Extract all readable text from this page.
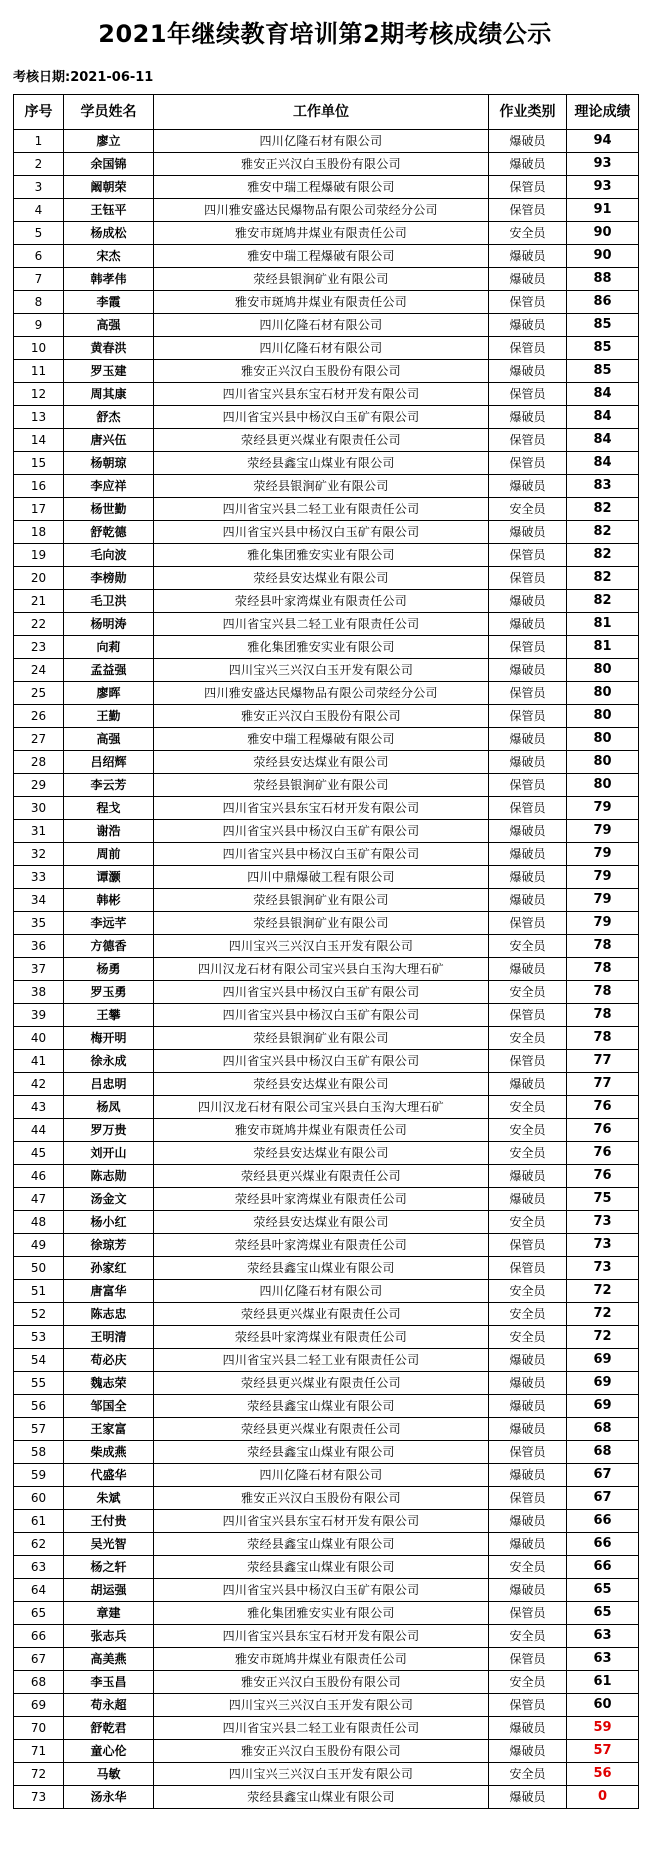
2021年继续教育培训第2期考核成绩公示
考核日期:2021-06-11
序号	学员姓名	工作单位	作业类别	理论成绩
1	廖立	四川亿隆石材有限公司	爆破员	94
2	余国锦	雅安正兴汉白玉股份有限公司	爆破员	93
3	阚朝荣	雅安中瑞工程爆破有限公司	保管员	93
4	王钰平	四川雅安盛达民爆物品有限公司荥经分公司	保管员	91
5	杨成松	雅安市斑鸠井煤业有限责任公司	安全员	90
6	宋杰	雅安中瑞工程爆破有限公司	爆破员	90
7	韩孝伟	荥经县银涧矿业有限公司	爆破员	88
8	李霞	雅安市斑鸠井煤业有限责任公司	保管员	86
9	高强	四川亿隆石材有限公司	爆破员	85
10	黄春洪	四川亿隆石材有限公司	保管员	85
11	罗玉建	雅安正兴汉白玉股份有限公司	爆破员	85
12	周其康	四川省宝兴县东宝石材开发有限公司	保管员	84
13	舒杰	四川省宝兴县中杨汉白玉矿有限公司	爆破员	84
14	唐兴伍	荥经县更兴煤业有限责任公司	保管员	84
15	杨朝琼	荥经县鑫宝山煤业有限公司	保管员	84
16	李应祥	荥经县银涧矿业有限公司	爆破员	83
17	杨世勤	四川省宝兴县二轻工业有限责任公司	安全员	82
18	舒乾德	四川省宝兴县中杨汉白玉矿有限公司	爆破员	82
19	毛向波	雅化集团雅安实业有限公司	保管员	82
20	李榜勋	荥经县安达煤业有限公司	保管员	82
21	毛卫洪	荥经县叶家湾煤业有限责任公司	爆破员	82
22	杨明涛	四川省宝兴县二轻工业有限责任公司	爆破员	81
23	向莉	雅化集团雅安实业有限公司	保管员	81
24	孟益强	四川宝兴三兴汉白玉开发有限公司	爆破员	80
25	廖晖	四川雅安盛达民爆物品有限公司荥经分公司	保管员	80
26	王勤	雅安正兴汉白玉股份有限公司	保管员	80
27	高强	雅安中瑞工程爆破有限公司	爆破员	80
28	吕绍辉	荥经县安达煤业有限公司	爆破员	80
29	李云芳	荥经县银涧矿业有限公司	保管员	80
30	程戈	四川省宝兴县东宝石材开发有限公司	保管员	79
31	谢浩	四川省宝兴县中杨汉白玉矿有限公司	爆破员	79
32	周前	四川省宝兴县中杨汉白玉矿有限公司	爆破员	79
33	谭灏	四川中鼎爆破工程有限公司	爆破员	79
34	韩彬	荥经县银涧矿业有限公司	爆破员	79
35	李远芊	荥经县银涧矿业有限公司	保管员	79
36	方德香	四川宝兴三兴汉白玉开发有限公司	安全员	78
37	杨勇	四川汉龙石材有限公司宝兴县白玉沟大理石矿	爆破员	78
38	罗玉勇	四川省宝兴县中杨汉白玉矿有限公司	安全员	78
39	王攀	四川省宝兴县中杨汉白玉矿有限公司	保管员	78
40	梅开明	荥经县银涧矿业有限公司	安全员	78
41	徐永成	四川省宝兴县中杨汉白玉矿有限公司	保管员	77
42	吕忠明	荥经县安达煤业有限公司	爆破员	77
43	杨凤	四川汉龙石材有限公司宝兴县白玉沟大理石矿	安全员	76
44	罗万贵	雅安市斑鸠井煤业有限责任公司	安全员	76
45	刘开山	荥经县安达煤业有限公司	安全员	76
46	陈志勋	荥经县更兴煤业有限责任公司	爆破员	76
47	汤金文	荥经县叶家湾煤业有限责任公司	爆破员	75
48	杨小红	荥经县安达煤业有限公司	安全员	73
49	徐琼芳	荥经县叶家湾煤业有限责任公司	保管员	73
50	孙家红	荥经县鑫宝山煤业有限公司	保管员	73
51	唐富华	四川亿隆石材有限公司	安全员	72
52	陈志忠	荥经县更兴煤业有限责任公司	安全员	72
53	王明清	荥经县叶家湾煤业有限责任公司	安全员	72
54	苟必庆	四川省宝兴县二轻工业有限责任公司	爆破员	69
55	魏志荣	荥经县更兴煤业有限责任公司	爆破员	69
56	邹国全	荥经县鑫宝山煤业有限公司	爆破员	69
57	王家富	荥经县更兴煤业有限责任公司	爆破员	68
58	柴成燕	荥经县鑫宝山煤业有限公司	保管员	68
59	代盛华	四川亿隆石材有限公司	爆破员	67
60	朱斌	雅安正兴汉白玉股份有限公司	保管员	67
61	王付贵	四川省宝兴县东宝石材开发有限公司	爆破员	66
62	吴光智	荥经县鑫宝山煤业有限公司	爆破员	66
63	杨之轩	荥经县鑫宝山煤业有限公司	安全员	66
64	胡运强	四川省宝兴县中杨汉白玉矿有限公司	爆破员	65
65	章建	雅化集团雅安实业有限公司	保管员	65
66	张志兵	四川省宝兴县东宝石材开发有限公司	安全员	63
67	高美燕	雅安市斑鸠井煤业有限责任公司	保管员	63
68	李玉昌	雅安正兴汉白玉股份有限公司	安全员	61
69	苟永超	四川宝兴三兴汉白玉开发有限公司	保管员	60
70	舒乾君	四川省宝兴县二轻工业有限责任公司	爆破员	59
71	童心伦	雅安正兴汉白玉股份有限公司	爆破员	57
72	马敏	四川宝兴三兴汉白玉开发有限公司	安全员	56
73	汤永华	荥经县鑫宝山煤业有限公司	爆破员	0
